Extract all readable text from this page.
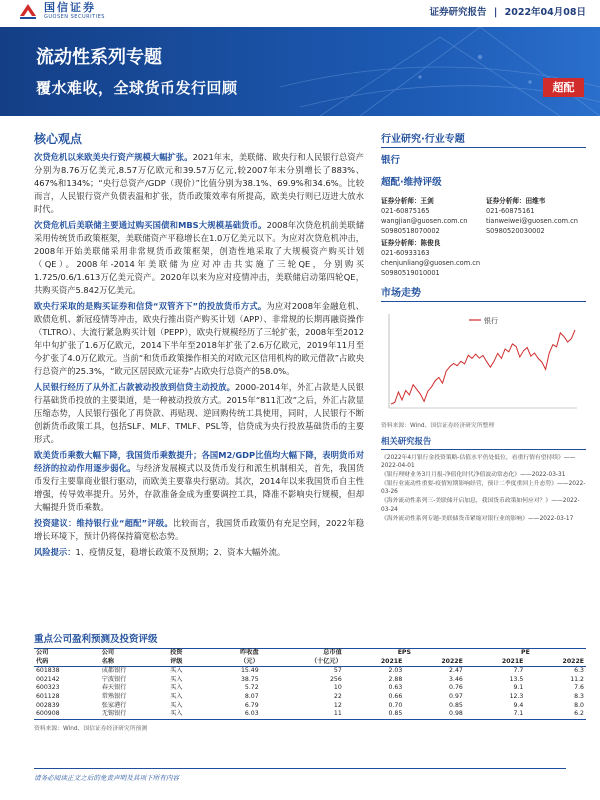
国信证券
GUOSEN SECURITIES	证券研究报告 | 2022年04月08日
流动性系列专题
覆水难收，全球货币发行回顾	超配
核心观点

次贷危机以来欧美央行资产规模大幅扩张。2021年末，美联储、欧央行和人民银行总资产分别为8.76万亿美元,8.57万亿欧元和39.57万亿元,较2007年末分别增长了883%、467%和134%；“央行总资产/GDP（现价）”比值分别为38.1%、69.9%和34.6%。比较而言，人民银行资产负债表温和扩张，货币政策效率有所提高，欧美央行则已迈进大放水时代。

次贷危机后美联储主要通过购买国债和MBS大规模基础货币。2008年次贷危机前美联储采用传统货币政策框架，美联储资产平稳增长在1.0万亿美元以下。为应对次贷危机冲击，2008年开始美联储采用非常规货币政策框架，创造性地采取了大规模资产购买计划（QE）。2008年-2014年美联储为应对冲击共实施了三轮QE，分别购买1.725/0.6/1.613万亿美元资产。2020年以来为应对疫情冲击，美联储启动第四轮QE，共购买资产5.842万亿美元。

欧央行采取的是购买证券和信贷“双管齐下”的投放货币方式。为应对2008年金融危机、欧债危机、新冠疫情等冲击，欧央行推出资产购买计划（APP）、非常规的长期再融资操作（TLTRO）、大流行紧急购买计划（PEPP），欧央行规模经历了三轮扩张，2008年至2012年中旬扩张了1.6万亿欧元，2014下半年至2018年扩张了2.6万亿欧元，2019年11月至今扩张了4.0万亿欧元。当前“和货币政策操作相关的对欧元区信用机构的欧元借款”占欧央行总资产的25.3%，“欧元区居民欧元证券”占欧央行总资产的58.0%。

人民银行经历了从外汇占款被动投放到信贷主动投放。2000-2014年，外汇占款是人民银行基础货币投放的主要渠道，是一种被动投放方式。2015年“811汇改”之后，外汇占款显压缩态势，人民银行强化了再贷款、再贴现、逆回购传统工具使用，同时，人民银行不断创新货币政策工具，包括SLF、MLF、TMLF、PSL等，信贷成为央行投放基础货币的主要形式。

欧美货币乘数大幅下降，我国货币乘数提升；各国M2/GDP比值均大幅下降，表明货币对经济的拉动作用逐步弱化。与经济发展模式以及货币发行和派生机制相关，首先，我国货币发行主要靠商业银行驱动，而欧美主要靠央行驱动。其次，2014年以来我国货币自主性增强，传导效率提升。另外，存款准备金成为重要调控工具，降准不影响央行规模，但却大幅提升货币乘数。

投资建议：维持银行业“超配”评级。比较而言，我国货币政策仍有充足空间，2022年稳增长环境下，预计仍将保持篇宽松态势。

风险提示：1、疫情反复，稳增长政策不及预期；2、资本大幅外流。

行业研究·行业专题
银行
超配·维持评级
证券分析师：王剑
021-60875165
wangjian@guosen.com.cn
S0980518070002
证券分析师：田维韦
021-60875161
tianweiwei@guosen.com.cn
S0980520030002
证券分析师：陈俊良
021-60933163
chenjunliang@guosen.com.cn
S0980519010001
市场走势
银行
资料来源：Wind、国信证券经济研究所整理
相关研究报告
《2022年4月银行金投资策略-估值水平仍处低位，看重行情有望持续》——2022-04-01
《银行理财业务3月月报-净值化时代净值波动常态化》——2022-03-31
《银行业流动性重要-疫情短期影响经营，预计二季度重回上升态势》——2022-03-26
《海外流动性系列三-美联储开启加息，我国货币政策如何应对？》——2022-03-24
《海外流动性系列专题-美联储货币紧缩对银行业的影响》——2022-03-17
重点公司盈利预测及投资评级
公司	公司	投资	昨收盘	总市值	EPS		PE	
代码	名称	评级	（元）	（十亿元）	2021E	2022E	2021E	2022E
601838	成都银行	买入	15.49	57	2.03	2.47	7.7	6.3
002142	宁波银行	买入	38.75	256	2.88	3.46	13.5	11.2
600323	春天银行	买入	5.72	10	0.63	0.76	9.1	7.6
601128	常熟银行	买入	8.07	22	0.66	0.97	12.3	8.3
002839	张家港行	买入	6.79	12	0.70	0.85	9.4	8.0
600908	无锡银行	买入	6.03	11	0.85	0.98	7.1	6.2
资料来源：Wind、国信证券经济研究所预测
请务必阅读正文之后的免责声明及其项下所有内容
